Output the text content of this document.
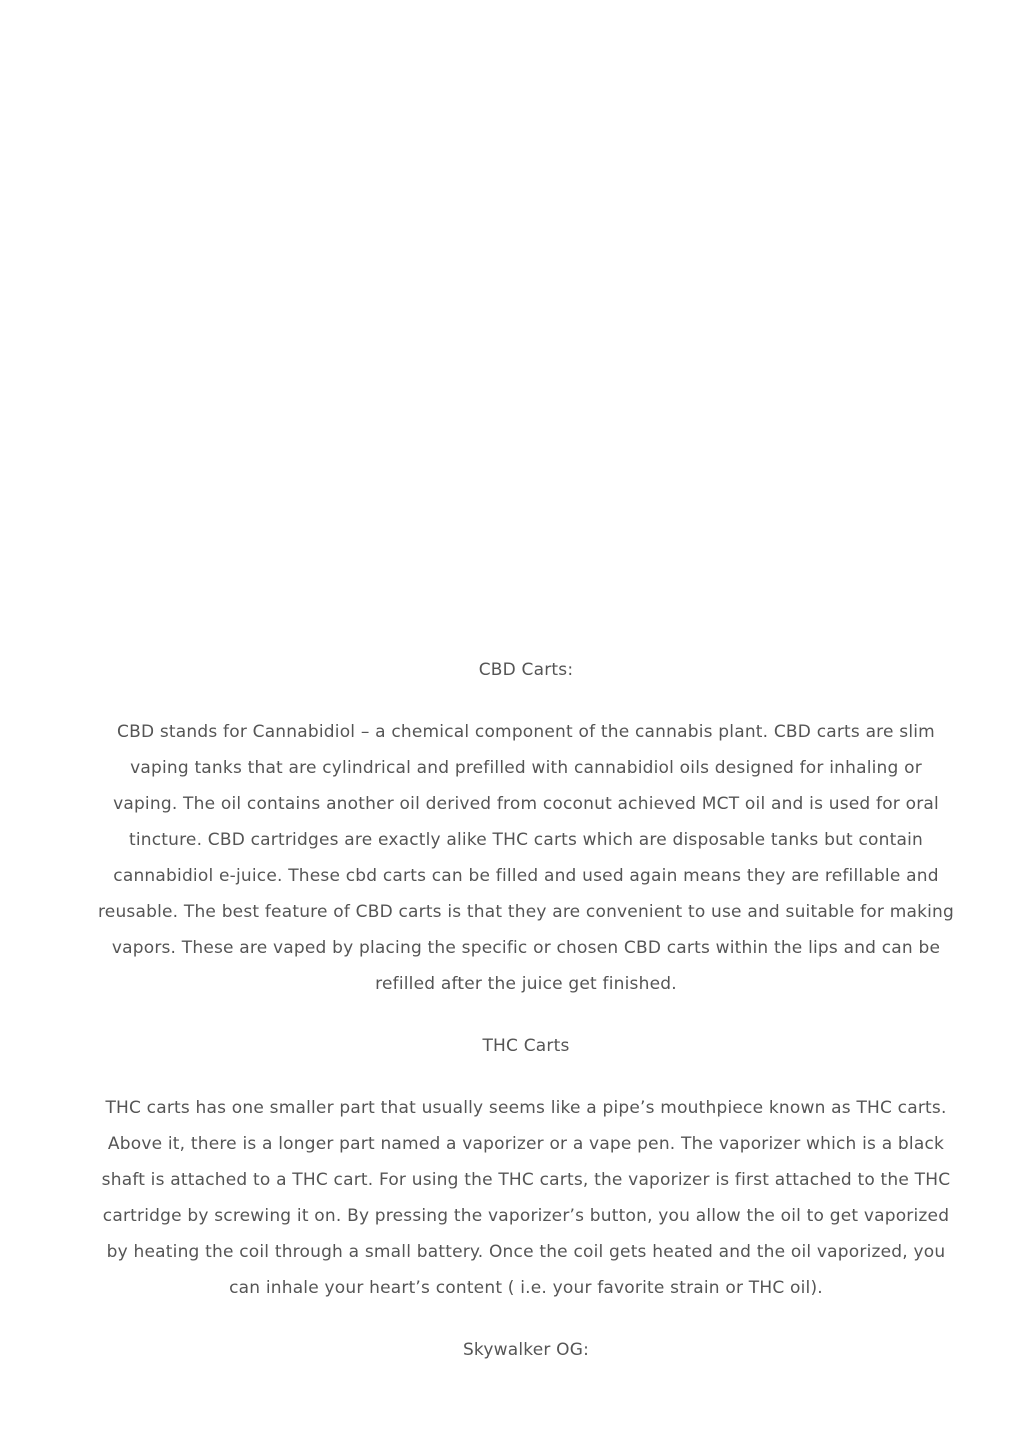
CBD Carts:

CBD stands for Cannabidiol – a chemical component of the cannabis plant. CBD carts are slim vaping tanks that are cylindrical and prefilled with cannabidiol oils designed for inhaling or vaping. The oil contains another oil derived from coconut achieved MCT oil and is used for oral tincture. CBD cartridges are exactly alike THC carts which are disposable tanks but contain cannabidiol e-juice. These cbd carts can be filled and used again means they are refillable and reusable. The best feature of CBD carts is that they are convenient to use and suitable for making vapors. These are vaped by placing the specific or chosen CBD carts within the lips and can be refilled after the juice get finished.

THC Carts

THC carts has one smaller part that usually seems like a pipe’s mouthpiece known as THC carts. Above it, there is a longer part named a vaporizer or a vape pen. The vaporizer which is a black shaft is attached to a THC cart. For using the THC carts, the vaporizer is first attached to the THC cartridge by screwing it on. By pressing the vaporizer’s button, you allow the oil to get vaporized by heating the coil through a small battery. Once the coil gets heated and the oil vaporized, you can inhale your heart’s content ( i.e. your favorite strain or THC oil).

Skywalker OG:
